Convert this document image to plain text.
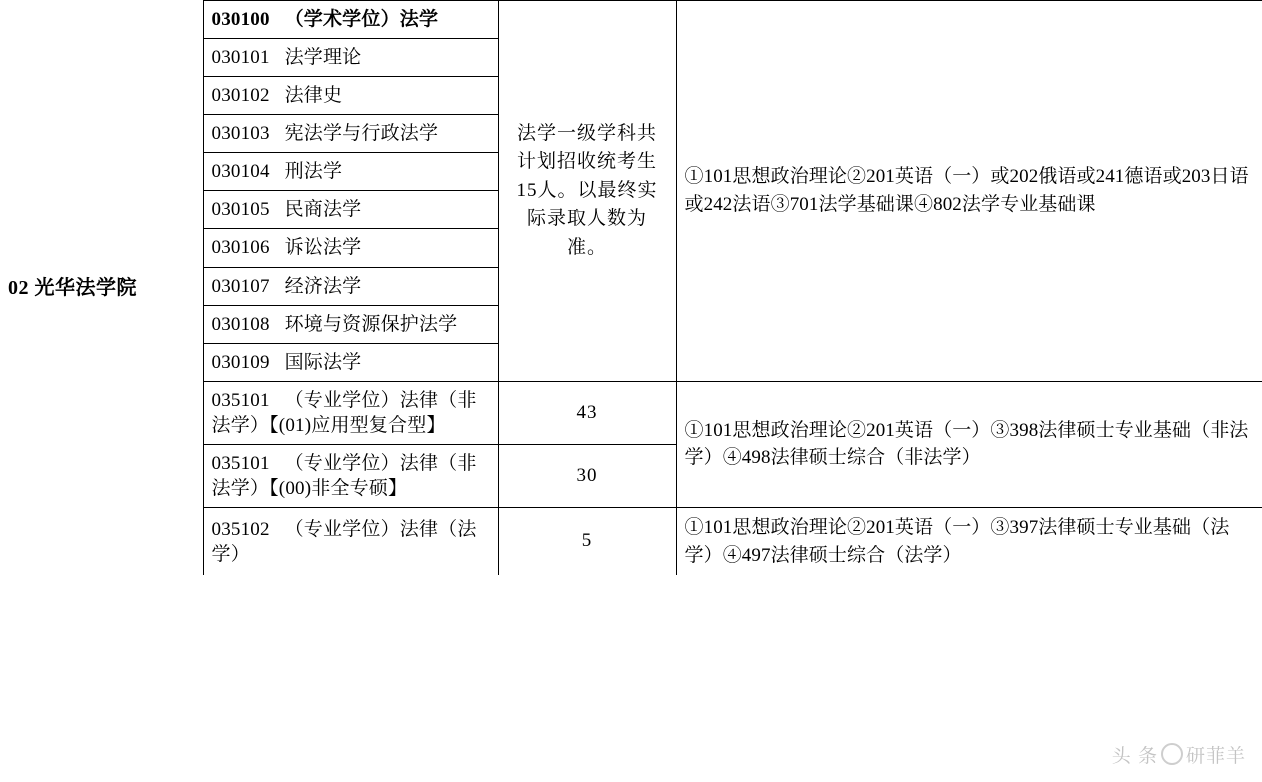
02 光华法学院	030100 （学术学位）法学	法学一级学科共计划招收统考生15人。以最终实际录取人数为准。	①101思想政治理论②201英语（一）或202俄语或241德语或203日语或242法语③701法学基础课④802法学专业基础课
	030101 法学理论		
	030102 法律史		
	030103 宪法学与行政法学		
	030104 刑法学		
	030105 民商法学		
	030106 诉讼法学		
	030107 经济法学		
	030108 环境与资源保护法学		
	030109 国际法学		
	035101 （专业学位）法律（非法学）【(01)应用型复合型】	43	①101思想政治理论②201英语（一）③398法律硕士专业基础（非法学）④498法律硕士综合（非法学）
	035101 （专业学位）法律（非法学）【(00)非全专硕】	30	
	035102 （专业学位）法律（法学）	5	①101思想政治理论②201英语（一）③397法律硕士专业基础（法学）④497法律硕士综合（法学）
头 条 研菲羊
